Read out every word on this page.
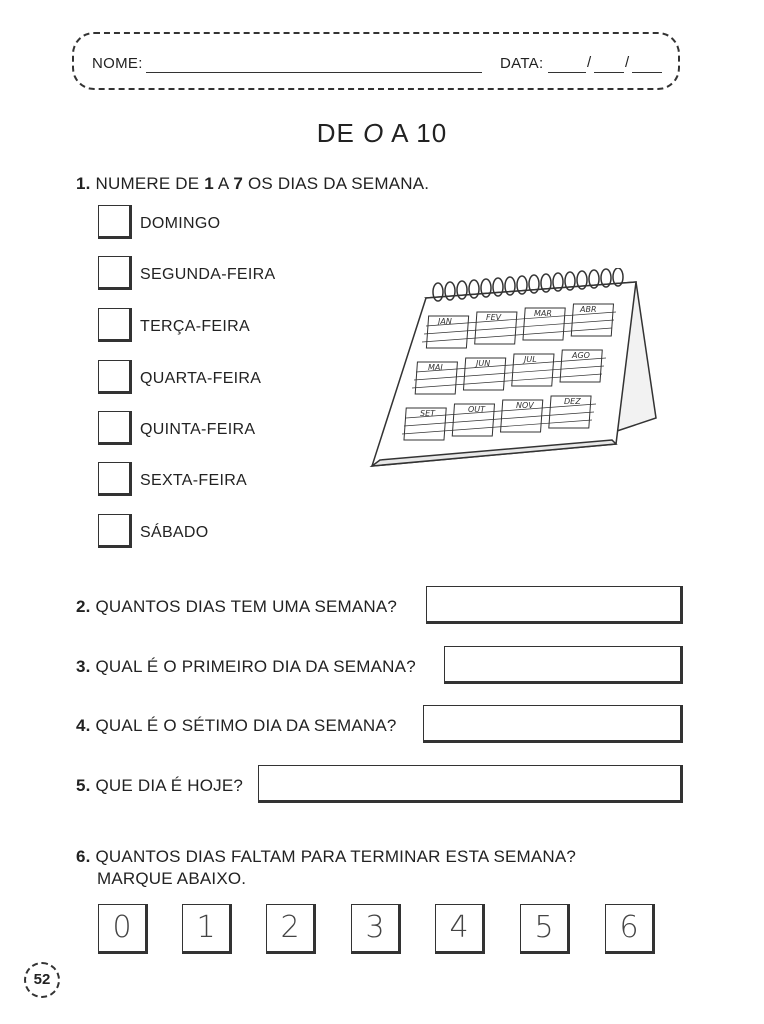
NOME:	DATA:	/ /
DE O A 10
1. NUMERE DE 1 A 7 OS DIAS DA SEMANA.
DOMINGO
SEGUNDA-FEIRA
TERÇA-FEIRA
QUARTA-FEIRA
QUINTA-FEIRA
SEXTA-FEIRA
SÁBADO
JAN	FEV	MAR	ABR
MAI	JUN	JUL	AGO
SET	OUT	NOV	DEZ
2. QUANTOS DIAS TEM UMA SEMANA?
3. QUAL É O PRIMEIRO DIA DA SEMANA?
4. QUAL É O SÉTIMO DIA DA SEMANA?
5. QUE DIA É HOJE?
6. QUANTOS DIAS FALTAM PARA TERMINAR ESTA SEMANA?
MARQUE ABAIXO.
0	1	2	3	4	5	6
52
